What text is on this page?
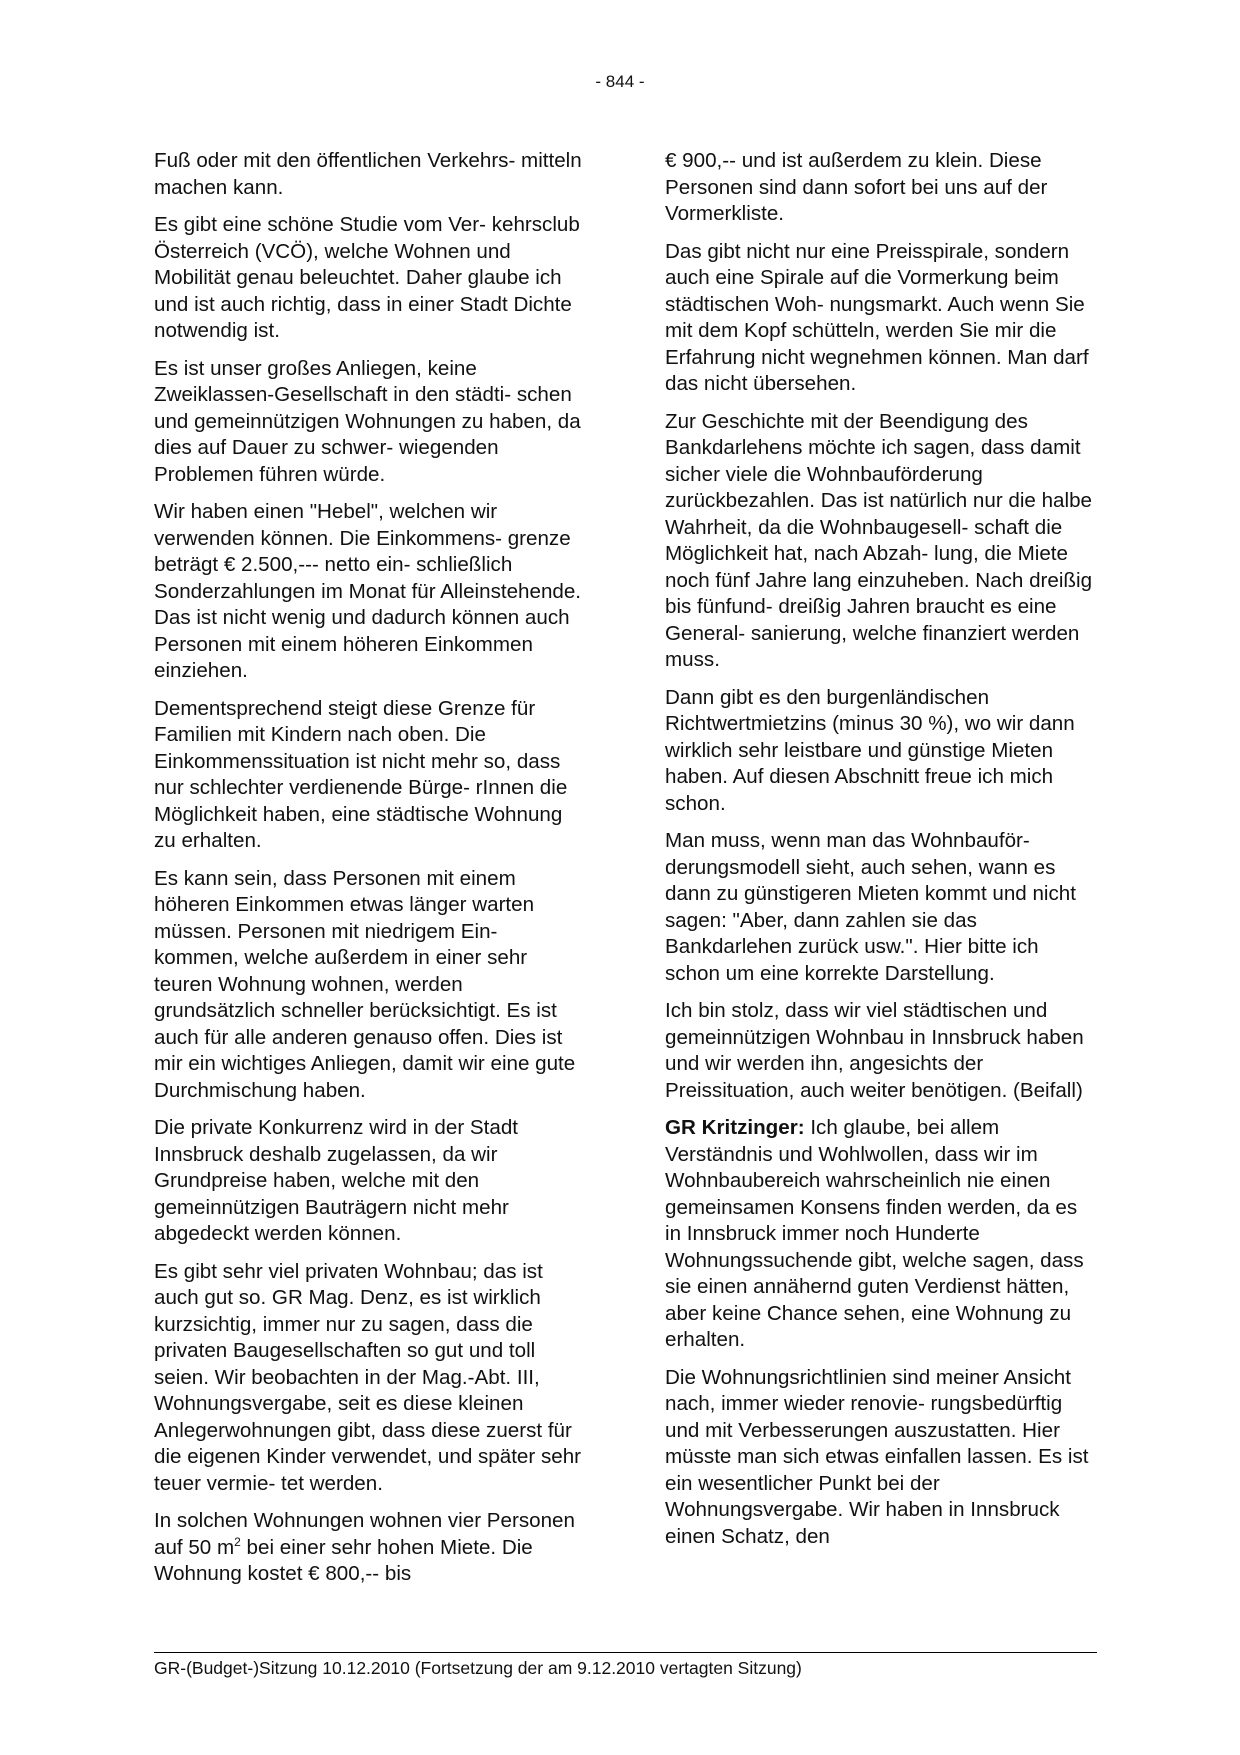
- 844 -

Fuß oder mit den öffentlichen Verkehrs- mitteln machen kann.

Es gibt eine schöne Studie vom Ver- kehrsclub Österreich (VCÖ), welche Wohnen und Mobilität genau beleuchtet. Daher glaube ich und ist auch richtig, dass in einer Stadt Dichte notwendig ist.

Es ist unser großes Anliegen, keine Zweiklassen-Gesellschaft in den städti- schen und gemeinnützigen Wohnungen zu haben, da dies auf Dauer zu schwer- wiegenden Problemen führen würde.

Wir haben einen "Hebel", welchen wir verwenden können. Die Einkommens- grenze beträgt € 2.500,--- netto ein- schließlich Sonderzahlungen im Monat für Alleinstehende. Das ist nicht wenig und dadurch können auch Personen mit einem höheren Einkommen einziehen.

Dementsprechend steigt diese Grenze für Familien mit Kindern nach oben. Die Einkommenssituation ist nicht mehr so, dass nur schlechter verdienende Bürge- rInnen die Möglichkeit haben, eine städtische Wohnung zu erhalten.

Es kann sein, dass Personen mit einem höheren Einkommen etwas länger warten müssen. Personen mit niedrigem Ein- kommen, welche außerdem in einer sehr teuren Wohnung wohnen, werden grundsätzlich schneller berücksichtigt. Es ist auch für alle anderen genauso offen. Dies ist mir ein wichtiges Anliegen, damit wir eine gute Durchmischung haben.

Die private Konkurrenz wird in der Stadt Innsbruck deshalb zugelassen, da wir Grundpreise haben, welche mit den gemeinnützigen Bauträgern nicht mehr abgedeckt werden können.

Es gibt sehr viel privaten Wohnbau; das ist auch gut so. GR Mag. Denz, es ist wirklich kurzsichtig, immer nur zu sagen, dass die privaten Baugesellschaften so gut und toll seien. Wir beobachten in der Mag.-Abt. III, Wohnungsvergabe, seit es diese kleinen Anlegerwohnungen gibt, dass diese zuerst für die eigenen Kinder verwendet, und später sehr teuer vermie- tet werden.

In solchen Wohnungen wohnen vier Personen auf 50 $m^2$ bei einer sehr hohen Miete. Die Wohnung kostet € 800,-- bis

€ 900,-- und ist außerdem zu klein. Diese Personen sind dann sofort bei uns auf der Vormerkliste.

Das gibt nicht nur eine Preisspirale, sondern auch eine Spirale auf die Vormerkung beim städtischen Woh- nungsmarkt. Auch wenn Sie mit dem Kopf schütteln, werden Sie mir die Erfahrung nicht wegnehmen können. Man darf das nicht übersehen.

Zur Geschichte mit der Beendigung des Bankdarlehens möchte ich sagen, dass damit sicher viele die Wohnbauförderung zurückbezahlen. Das ist natürlich nur die halbe Wahrheit, da die Wohnbaugesell- schaft die Möglichkeit hat, nach Abzah- lung, die Miete noch fünf Jahre lang einzuheben. Nach dreißig bis fünfund- dreißig Jahren braucht es eine General- sanierung, welche finanziert werden muss.

Dann gibt es den burgenländischen Richtwertmietzins (minus 30 %), wo wir dann wirklich sehr leistbare und günstige Mieten haben. Auf diesen Abschnitt freue ich mich schon.

Man muss, wenn man das Wohnbauför- derungsmodell sieht, auch sehen, wann es dann zu günstigeren Mieten kommt und nicht sagen: "Aber, dann zahlen sie das Bankdarlehen zurück usw.". Hier bitte ich schon um eine korrekte Darstellung.

Ich bin stolz, dass wir viel städtischen und gemeinnützigen Wohnbau in Innsbruck haben und wir werden ihn, angesichts der Preissituation, auch weiter benötigen. (Beifall)

GR Kritzinger: Ich glaube, bei allem Verständnis und Wohlwollen, dass wir im Wohnbaubereich wahrscheinlich nie einen gemeinsamen Konsens finden werden, da es in Innsbruck immer noch Hunderte Wohnungssuchende gibt, welche sagen, dass sie einen annähernd guten Verdienst hätten, aber keine Chance sehen, eine Wohnung zu erhalten.

Die Wohnungsrichtlinien sind meiner Ansicht nach, immer wieder renovie- rungsbedürftig und mit Verbesserungen auszustatten. Hier müsste man sich etwas einfallen lassen. Es ist ein wesentlicher Punkt bei der Wohnungsvergabe. Wir haben in Innsbruck einen Schatz, den

GR-(Budget-)Sitzung 10.12.2010 (Fortsetzung der am 9.12.2010 vertagten Sitzung)
